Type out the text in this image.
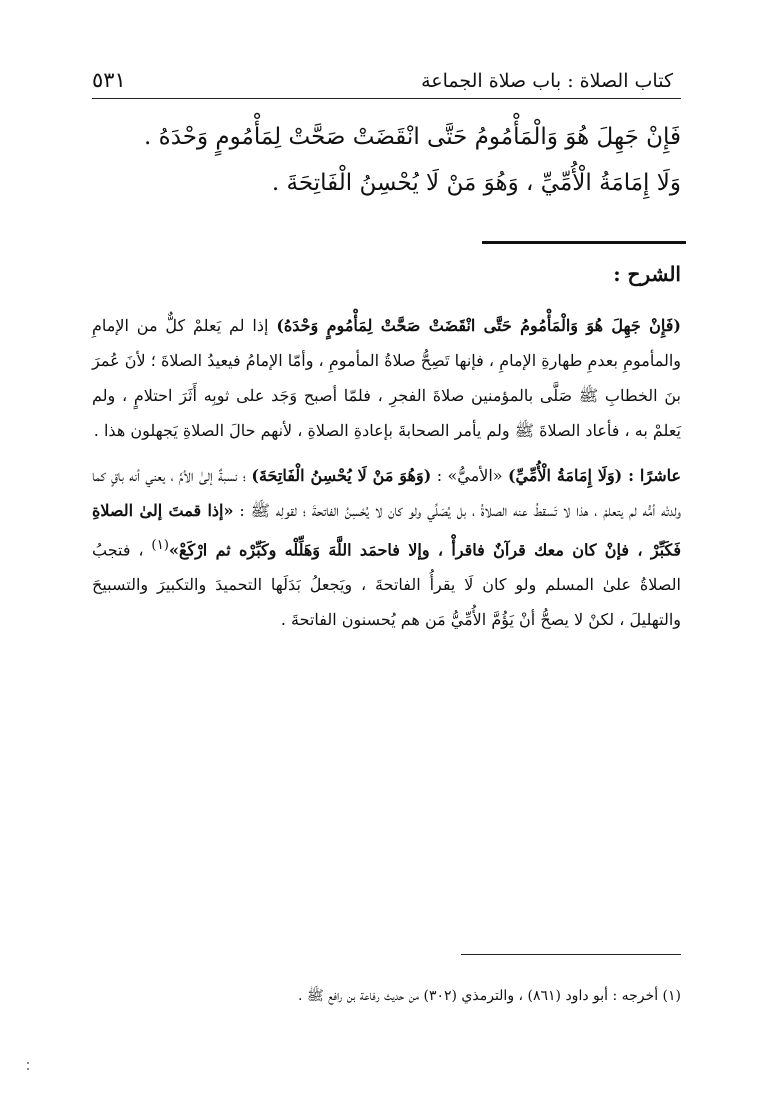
كتاب الصلاة : باب صلاة الجماعة
٥٣١
فَإِنْ جَهِلَ هُوَ وَالْمَأْمُومُ حَتَّى انْقَضَتْ صَحَّتْ لِمَأْمُومٍ وَحْدَهُ .
وَلَا إِمَامَةُ الْأُمِّيِّ ، وَهُوَ مَنْ لَا يُحْسِنُ الْفَاتِحَةَ .
الشرح :

(فَإِنْ جَهِلَ هُوَ وَالْمَأْمُومُ حَتَّى انْقَضَتْ صَحَّتْ لِمَأْمُومٍ وَحْدَهُ) إذا لم يَعلمْ كلٌّ من الإمامِ والمأمومِ بعدمِ طهارةِ الإمامِ ، فإنها تَصِحُّ صلاةُ المأمومِ ، وأمّا الإمامُ فيعيدُ الصلاةَ ؛ لأنَ عُمرَ بنَ الخطابِ ﷺ صَلَّى بالمؤمنين صلاةَ الفجرِ ، فلمّا أصبح وَجَد على ثوبِه أَثَرَ احتلامٍ ، ولم يَعلمْ به ، فأعاد الصلاةَ ﷺ ولم يأمر الصحابةَ بإعادةِ الصلاةِ ، لأنهم حالَ الصلاةِ يَجهلون هذا .

عاشرًا : (وَلَا إِمَامَةُ الْأُمِّيِّ) «الأميُّ» : (وَهُوَ مَنْ لَا يُحْسِنُ الْفَاتِحَةَ) ؛ نسبةٌ إلىٰ الأمِّ ، يعني أنه باقٍ كما ولدتْه أمُّه لم يتعلمْ ، هذا لا تَسقطُ عنه الصلاةُ ، بل يُصَلِّي ولو كان لا يُحْسِنُ الفاتحةَ ؛ لقولِه ﷺ : «إذا قمتَ إلىٰ الصلاةِ فَكَبِّرْ ، فإنْ كان معك قرآنٌ فاقرأْ ، وإلا فاحمَد اللَّهَ وَهَلِّلْه وكَبِّرْه ثم ارْكَعْ»$^{(١)}$ ، فتجبُ الصلاةُ علىٰ المسلم ولو كان لَا يقرأُ الفاتحةَ ، ويَجعلُ بَدَلَها التحميدَ والتكبيرَ والتسبيحَ والتهليلَ ، لكنْ لا يصحُّ أنْ يَؤُمَّ الأُمِّيُّ مَن هم يُحسنون الفاتحةَ .

(١) أخرجه : أبو داود (٨٦١) ، والترمذي (٣٠٢) من حديث رفاعة بن رافع ﷺ .
